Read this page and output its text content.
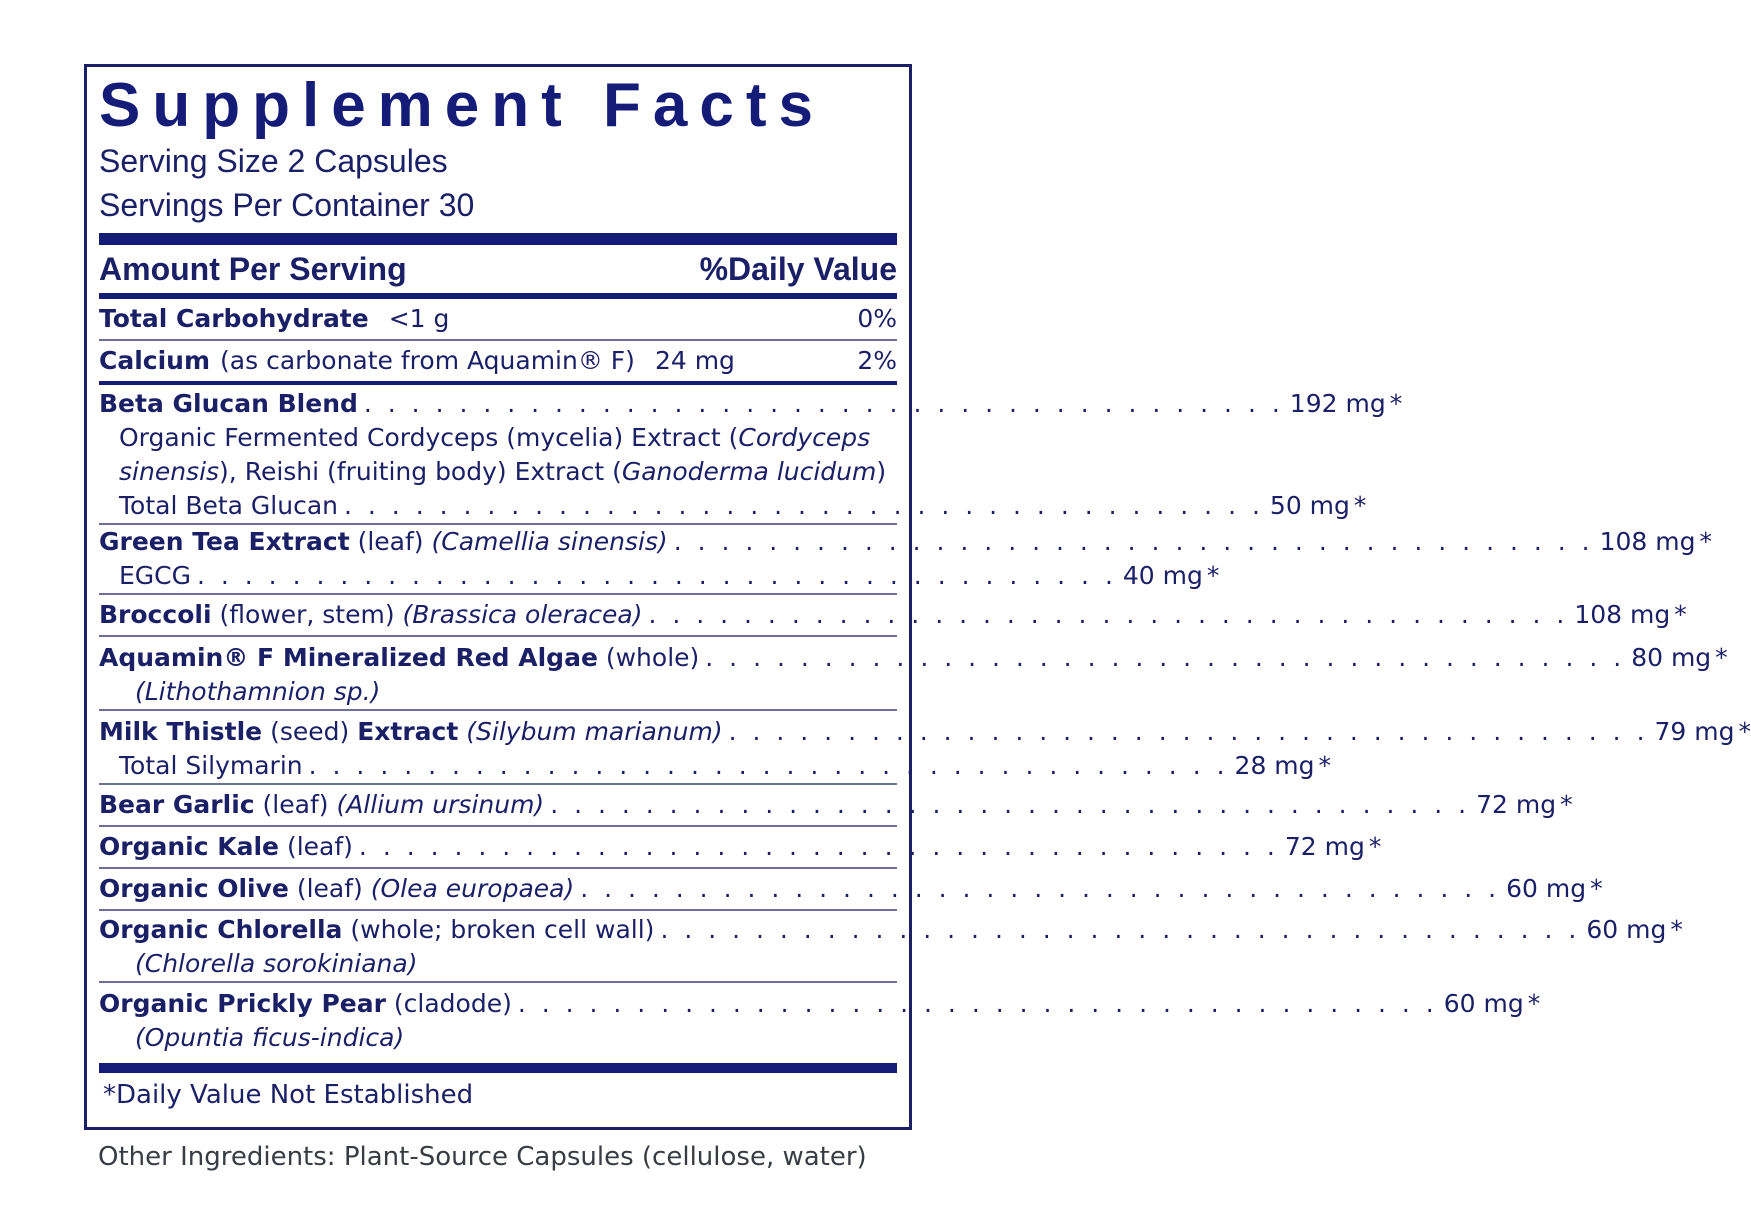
Supplement Facts
Serving Size 2 Capsules
Servings Per Container 30
Amount Per Serving	%Daily Value
Total Carbohydrate <1 g	0%
Calcium (as carbonate from Aquamin® F) 24 mg	2%
Beta Glucan Blend . . . . . . . . . . . . . . . . . . . . . . . . . . . . . . . . . . . . . . . 192 mg *
Organic Fermented Cordyceps (mycelia) Extract (Cordyceps sinensis), Reishi (fruiting body) Extract (Ganoderma lucidum)
Total Beta Glucan . . . . . . . . . . . . . . . . . . . . . . . . . . . . . . . . . . . . . . . 50 mg *
Green Tea Extract (leaf) (Camellia sinensis) . . . . . . . . . . . . . . . . . . . . . . . . . . . . . . . . . . . . . . . 108 mg *
EGCG . . . . . . . . . . . . . . . . . . . . . . . . . . . . . . . . . . . . . . . 40 mg *
Broccoli (flower, stem) (Brassica oleracea) . . . . . . . . . . . . . . . . . . . . . . . . . . . . . . . . . . . . . . . 108 mg *
Aquamin® F Mineralized Red Algae (whole) . . . . . . . . . . . . . . . . . . . . . . . . . . . . . . . . . . . . . . . 80 mg *
(Lithothamnion sp.)
Milk Thistle (seed) Extract (Silybum marianum) . . . . . . . . . . . . . . . . . . . . . . . . . . . . . . . . . . . . . . . 79 mg *
Total Silymarin . . . . . . . . . . . . . . . . . . . . . . . . . . . . . . . . . . . . . . . 28 mg *
Bear Garlic (leaf) (Allium ursinum) . . . . . . . . . . . . . . . . . . . . . . . . . . . . . . . . . . . . . . . 72 mg *
Organic Kale (leaf) . . . . . . . . . . . . . . . . . . . . . . . . . . . . . . . . . . . . . . . 72 mg *
Organic Olive (leaf) (Olea europaea) . . . . . . . . . . . . . . . . . . . . . . . . . . . . . . . . . . . . . . . 60 mg *
Organic Chlorella (whole; broken cell wall) . . . . . . . . . . . . . . . . . . . . . . . . . . . . . . . . . . . . . . . 60 mg *
(Chlorella sorokiniana)
Organic Prickly Pear (cladode) . . . . . . . . . . . . . . . . . . . . . . . . . . . . . . . . . . . . . . . 60 mg *
(Opuntia ficus-indica)
*Daily Value Not Established
Other Ingredients: Plant-Source Capsules (cellulose, water)
